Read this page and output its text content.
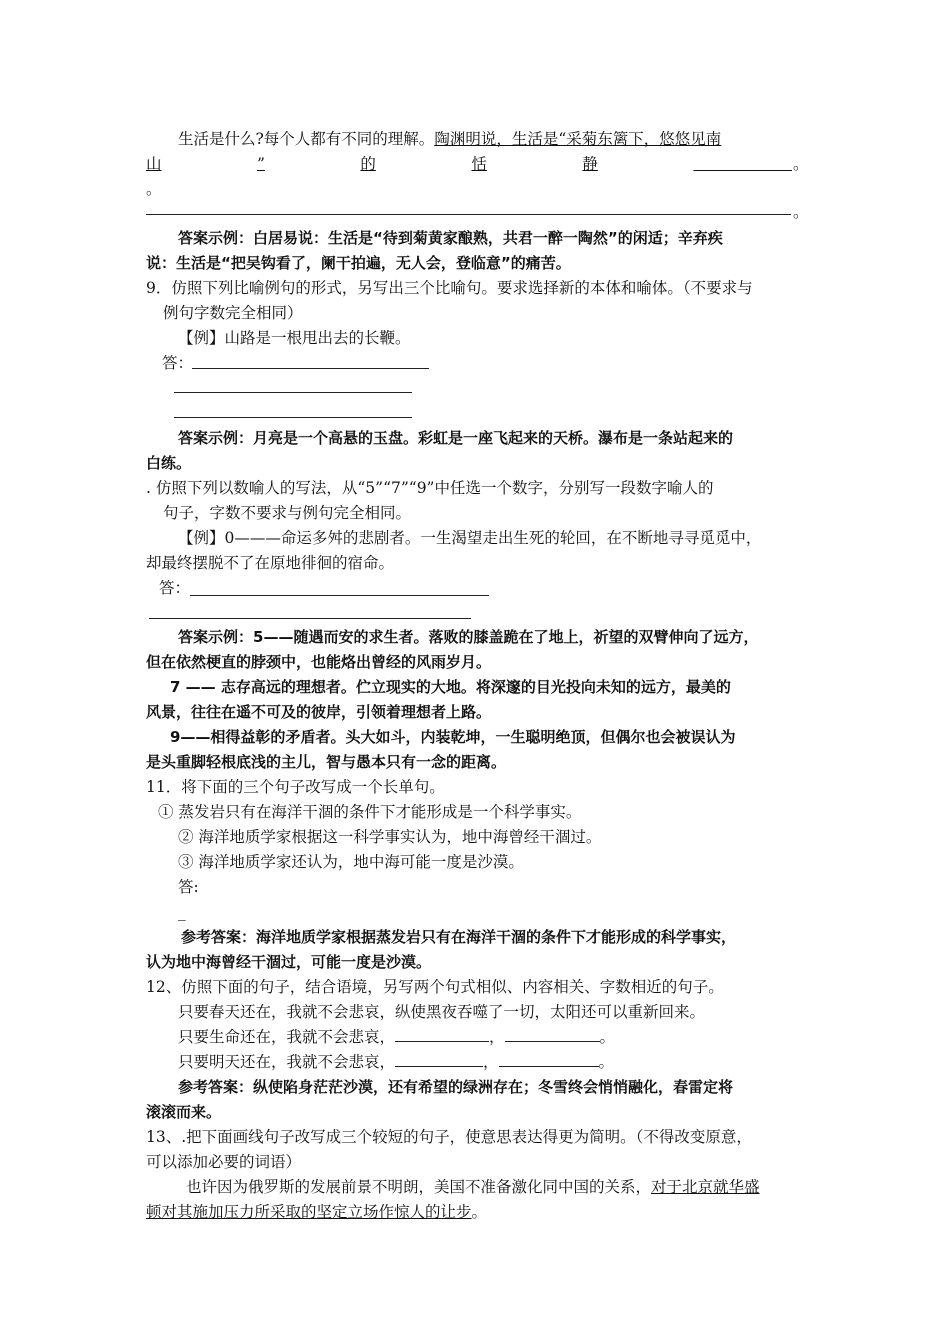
生活是什么?每个人都有不同的理解。陶渊明说，生活是“采菊东篱下，悠悠见南
山	”	的	恬	静
	。
。
。
答案示例：白居易说：生活是“待到菊黄家酿熟，共君一醉一陶然”的闲适；辛弃疾
说：生活是“把吴钩看了，阑干拍遍，无人会，登临意”的痛苦。
9．仿照下列比喻例句的形式，另写出三个比喻句。要求选择新的本体和喻体。（不要求与
例句字数完全相同）
【例】山路是一根甩出去的长鞭。
答：
答案示例：月亮是一个高悬的玉盘。彩虹是一座飞起来的天桥。瀑布是一条站起来的
白练。
. 仿照下列以数喻人的写法，从“5”“7”“9”中任选一个数字，分别写一段数字喻人的
句子，字数不要求与例句完全相同。
【例】0———命运多舛的悲剧者。一生渴望走出生死的轮回，在不断地寻寻觅觅中，
却最终摆脱不了在原地徘徊的宿命。
答：
答案示例：5——随遇而安的求生者。落败的膝盖跪在了地上，祈望的双臂伸向了远方，
但在依然梗直的脖颈中，也能烙出曾经的风雨岁月。
7 —— 志存高远的理想者。伫立现实的大地。将深邃的目光投向未知的远方，最美的
风景，往往在遥不可及的彼岸，引领着理想者上路。
9——相得益彰的矛盾者。头大如斗，内装乾坤，一生聪明绝顶，但偶尔也会被误认为
是头重脚轻根底浅的主儿，智与愚本只有一念的距离。
11．将下面的三个句子改写成一个长单句。
① 蒸发岩只有在海洋干涸的条件下才能形成是一个科学事实。
② 海洋地质学家根据这一科学事实认为，地中海曾经干涸过。
③ 海洋地质学家还认为，地中海可能一度是沙漠。
答:
_
参考答案：海洋地质学家根据蒸发岩只有在海洋干涸的条件下才能形成的科学事实，
认为地中海曾经干涸过，可能一度是沙漠。
12、仿照下面的句子，结合语境，另写两个句式相似、内容相关、字数相近的句子。
只要春天还在，我就不会悲哀，纵使黑夜吞噬了一切，太阳还可以重新回来。
只要生命还在，我就不会悲哀，	，	。
只要明天还在，我就不会悲哀，	，	。
参考答案：纵使陷身茫茫沙漠，还有希望的绿洲存在；冬雪终会悄悄融化，春雷定将
滚滚而来。
13、.把下面画线句子改写成三个较短的句子，使意思表达得更为简明。（不得改变原意，
可以添加必要的词语）
也许因为俄罗斯的发展前景不明朗，美国不准备激化同中国的关系，对于北京就华盛
顿对其施加压力所采取的坚定立场作惊人的让步。
